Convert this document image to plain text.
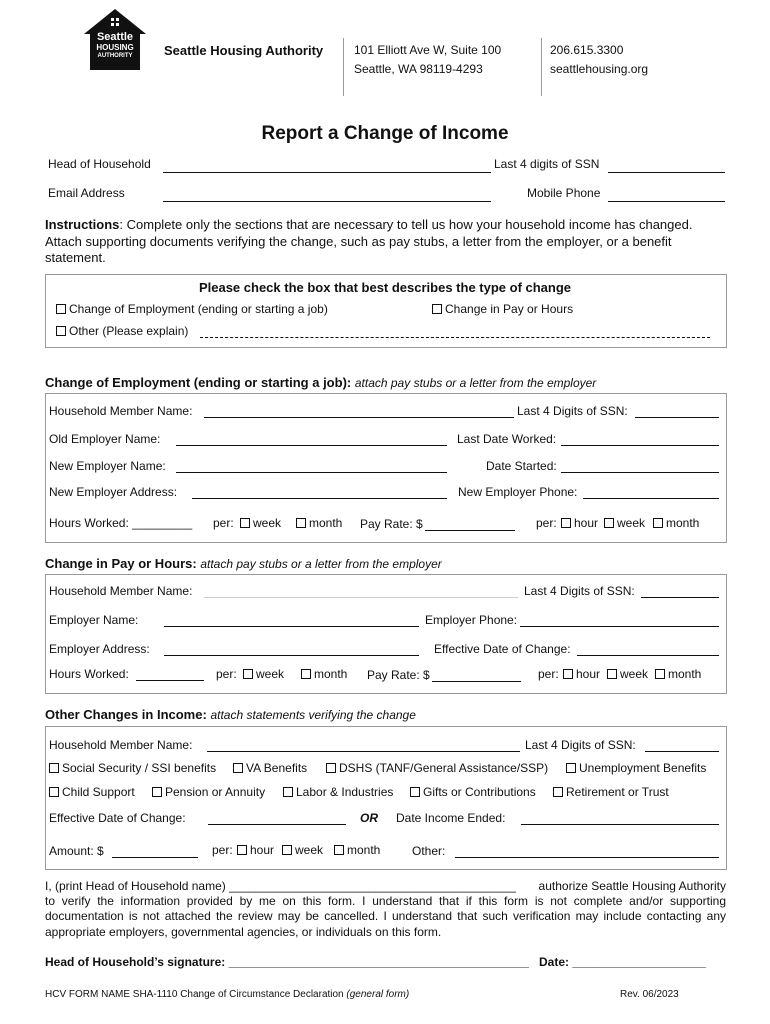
Seattle
HOUSING
AUTHORITY	Seattle Housing Authority	101 Elliott Ave W, Suite 100
Seattle, WA 98119-4293
206.615.3300
seattlehousing.org
Report a Change of Income
Head of Household	Last 4 digits of SSN
Email Address	Mobile Phone
Instructions: Complete only the sections that are necessary to tell us how your household income has changed. Attach supporting documents verifying the change, such as pay stubs, a letter from the employer, or a benefit statement.
Please check the box that best describes the type of change
Change of Employment (ending or starting a job)	Change in Pay or Hours
Other (Please explain)
Change of Employment (ending or starting a job): attach pay stubs or a letter from the employer
Household Member Name:	Last 4 Digits of SSN:
Old Employer Name:	Last Date Worked:
New Employer Name:	Date Started:
New Employer Address:	New Employer Phone:
Hours Worked: _________ per:	week	month Pay Rate: $	per:	hour	week	month
Change in Pay or Hours: attach pay stubs or a letter from the employer
Household Member Name:	Last 4 Digits of SSN:
Employer Name:	Employer Phone:
Employer Address:	Effective Date of Change:
Hours Worked:	per:	week	month Pay Rate: $	per:	hour	week	month
Other Changes in Income: attach statements verifying the change
Household Member Name:	Last 4 Digits of SSN:
Social Security / SSI benefits	VA Benefits	DSHS (TANF/General Assistance/SSP)	Unemployment Benefits
Child Support	Pension or Annuity	Labor & Industries	Gifts or Contributions	Retirement or Trust
Effective Date of Change:	OR Date Income Ended:
Amount: $	per:	hour	week	month	Other:
I, (print Head of Household name) ___________________________________________ authorize Seattle Housing Authority
to verify the information provided by me on this form. I understand that if this form is not complete and/or supporting
documentation is not attached the review may be cancelled. I understand that such verification may include contacting any
appropriate employers, governmental agencies, or individuals on this form.
Head of Household’s signature: _____________________________________________ Date: ____________________
HCV FORM NAME SHA-1110 Change of Circumstance Declaration (general form)	Rev. 06/2023
